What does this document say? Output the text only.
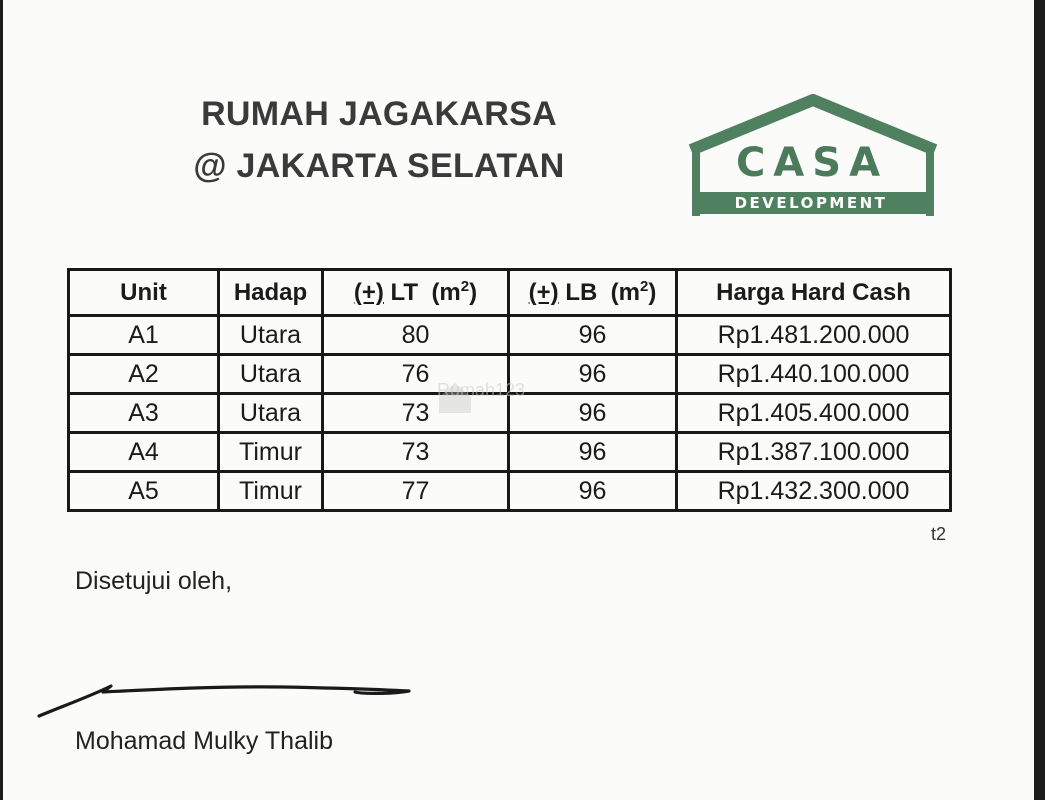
RUMAH JAGAKARSA
@ JAKARTA SELATAN	CASA
DEVELOPMENT
Unit	Hadap	(+) LT $(m^2)$	(+) LB $(m^2)$	Harga Hard Cash
A1	Utara	80	96	Rp1.481.200.000
A2	Utara	76	96	Rp1.440.100.000
A3	Utara	73	96	Rp1.405.400.000
A4	Timur	73	96	Rp1.387.100.000
A5	Timur	77	96	Rp1.432.300.000
Rumah123
t2
Disetujui oleh,
Mohamad Mulky Thalib
